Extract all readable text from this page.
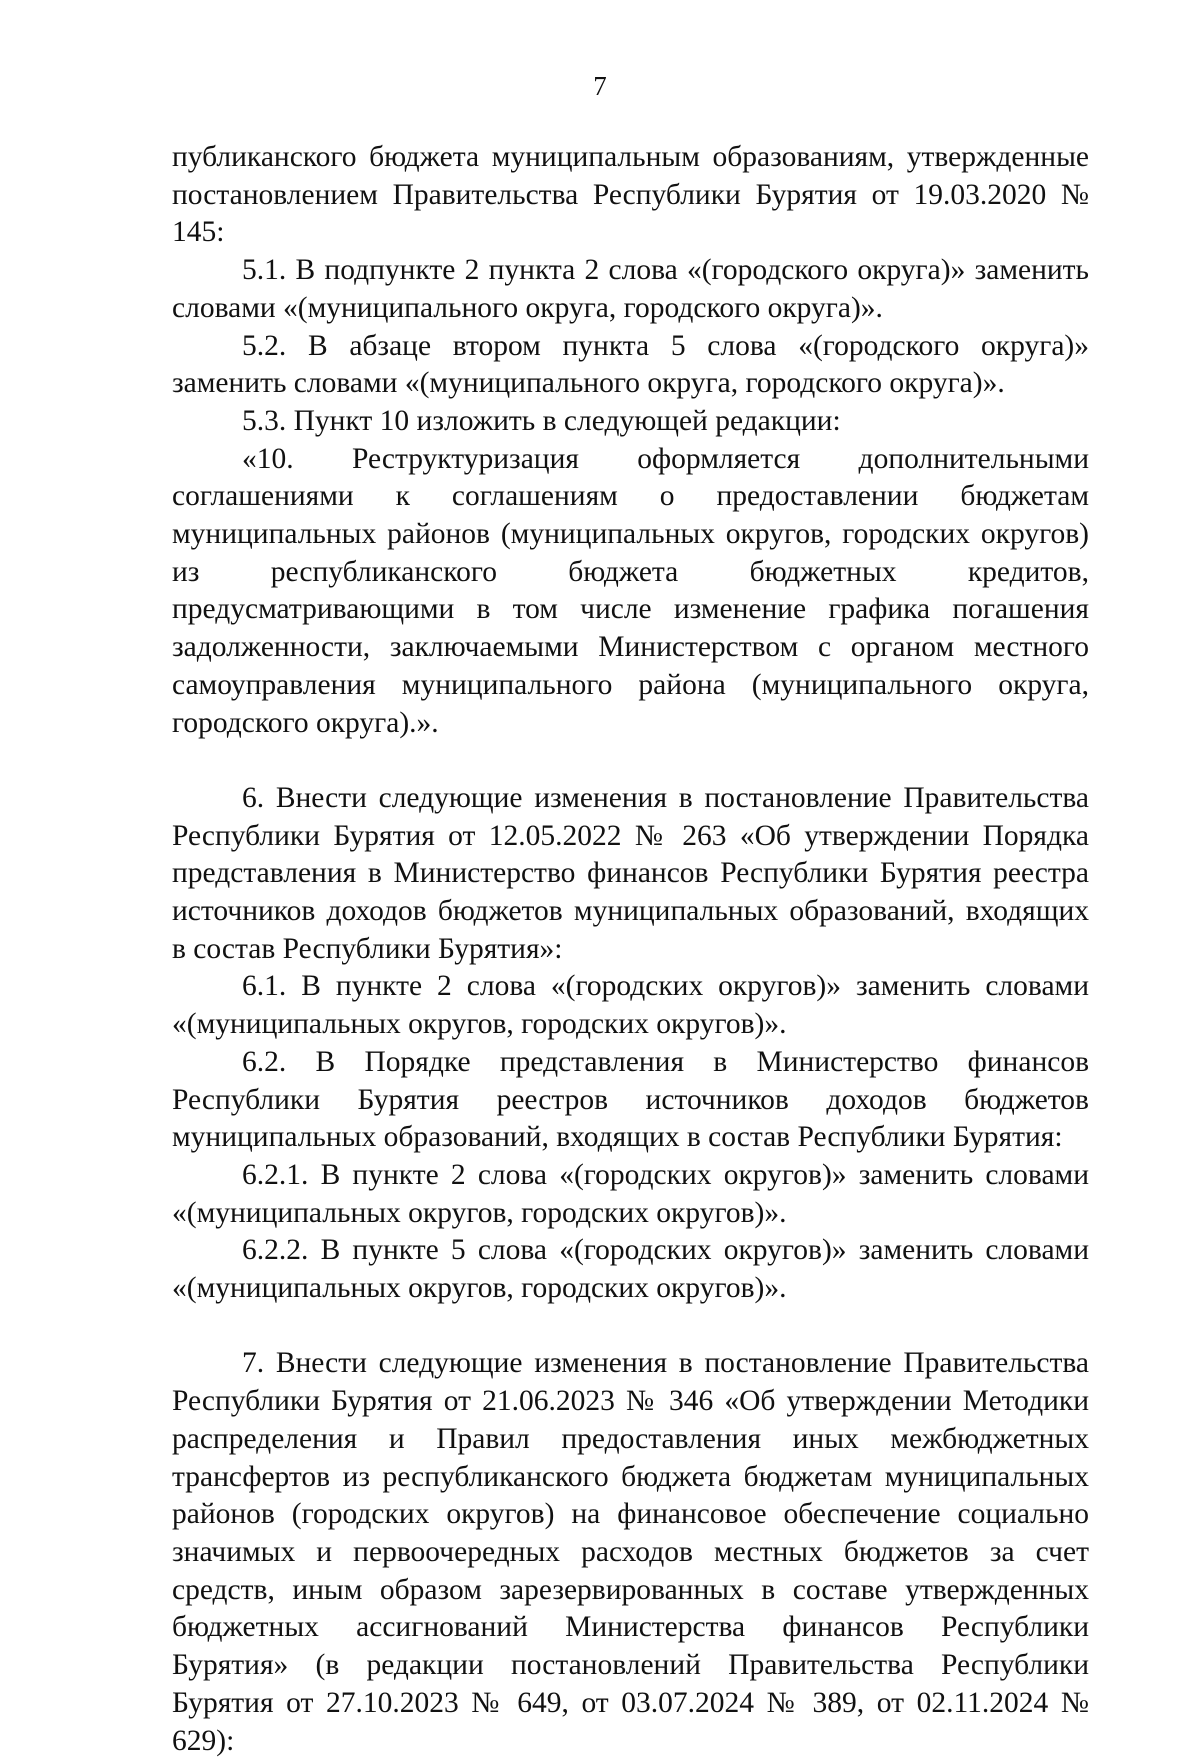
7

публиканского бюджета муниципальным образованиям, утвержденные постановлением Правительства Республики Бурятия от 19.03.2020 № 145:

5.1. В подпункте 2 пункта 2 слова «(городского округа)» заменить словами «(муниципального округа, городского округа)».

5.2. В абзаце втором пункта 5 слова «(городского округа)» заменить словами «(муниципального округа, городского округа)».

5.3. Пункт 10 изложить в следующей редакции:

«10. Реструктуризация оформляется дополнительными соглашениями к соглашениям о предоставлении бюджетам муниципальных районов (муниципальных округов, городских округов) из республиканского бюджета бюджетных кредитов, предусматривающими в том числе изменение графика погашения задолженности, заключаемыми Министерством с органом местного самоуправления муниципального района (муниципального округа, городского округа).».

6. Внести следующие изменения в постановление Правительства Республики Бурятия от 12.05.2022 № 263 «Об утверждении Порядка представления в Министерство финансов Республики Бурятия реестра источников доходов бюджетов муниципальных образований, входящих в состав Республики Бурятия»:

6.1. В пункте 2 слова «(городских округов)» заменить словами «(муниципальных округов, городских округов)».

6.2. В Порядке представления в Министерство финансов Республики Бурятия реестров источников доходов бюджетов муниципальных образований, входящих в состав Республики Бурятия:

6.2.1. В пункте 2 слова «(городских округов)» заменить словами «(муниципальных округов, городских округов)».

6.2.2. В пункте 5 слова «(городских округов)» заменить словами «(муниципальных округов, городских округов)».

7. Внести следующие изменения в постановление Правительства Республики Бурятия от 21.06.2023 № 346 «Об утверждении Методики распределения и Правил предоставления иных межбюджетных трансфертов из республиканского бюджета бюджетам муниципальных районов (городских округов) на финансовое обеспечение социально значимых и первоочередных расходов местных бюджетов за счет средств, иным образом зарезервированных в составе утвержденных бюджетных ассигнований Министерства финансов Республики Бурятия» (в редакции постановлений Правительства Республики Бурятия от 27.10.2023 № 649, от 03.07.2024 № 389, от 02.11.2024 № 629):
